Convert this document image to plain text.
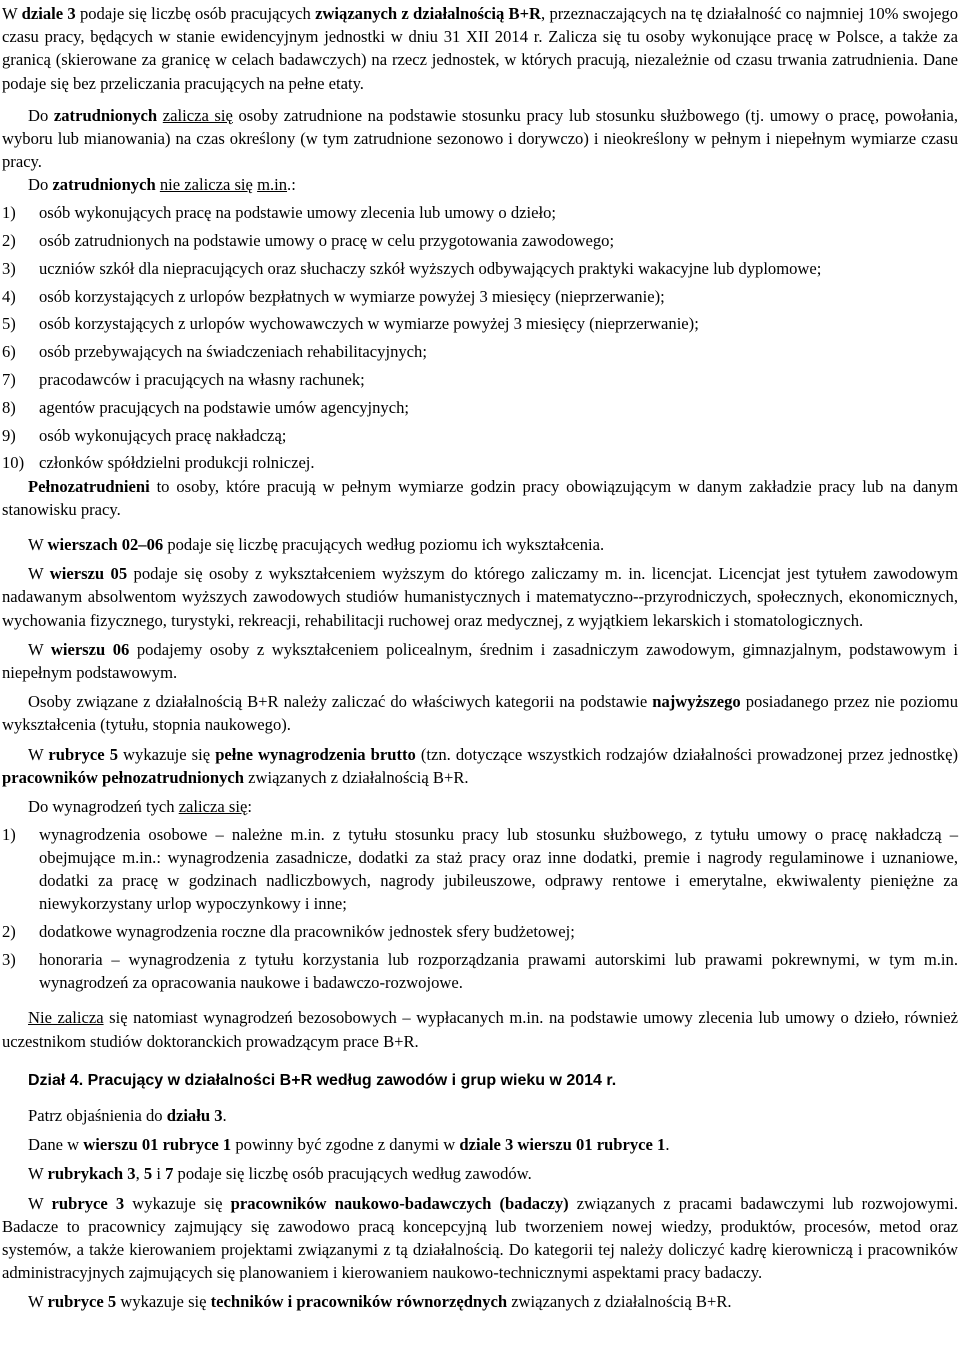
W dziale 3 podaje się liczbę osób pracujących związanych z działalnością B+R, przeznaczających na tę działalność co najmniej 10% swojego czasu pracy, będących w stanie ewidencyjnym jednostki w dniu 31 XII 2014 r. Zalicza się tu osoby wykonujące pracę w Polsce, a także za granicą (skierowane za granicę w celach badawczych) na rzecz jednostek, w których pracują, niezależnie od czasu trwania zatrudnienia. Dane podaje się bez przeliczania pracujących na pełne etaty.

Do zatrudnionych zalicza się osoby zatrudnione na podstawie stosunku pracy lub stosunku służbowego (tj. umowy o pracę, powołania, wyboru lub mianowania) na czas określony (w tym zatrudnione sezonowo i dorywczo) i nieokreślony w pełnym i niepełnym wymiarze czasu pracy.

Do zatrudnionych nie zalicza się m.in.:

1) osób wykonujących pracę na podstawie umowy zlecenia lub umowy o dzieło;
2) osób zatrudnionych na podstawie umowy o pracę w celu przygotowania zawodowego;
3) uczniów szkół dla niepracujących oraz słuchaczy szkół wyższych odbywających praktyki wakacyjne lub dyplomowe;
4) osób korzystających z urlopów bezpłatnych w wymiarze powyżej 3 miesięcy (nieprzerwanie);
5) osób korzystających z urlopów wychowawczych w wymiarze powyżej 3 miesięcy (nieprzerwanie);
6) osób przebywających na świadczeniach rehabilitacyjnych;
7) pracodawców i pracujących na własny rachunek;
8) agentów pracujących na podstawie umów agencyjnych;
9) osób wykonujących pracę nakładczą;
10) członków spółdzielni produkcji rolniczej.

Pełnozatrudnieni to osoby, które pracują w pełnym wymiarze godzin pracy obowiązującym w danym zakładzie pracy lub na danym stanowisku pracy.

W wierszach 02–06 podaje się liczbę pracujących według poziomu ich wykształcenia.

W wierszu 05 podaje się osoby z wykształceniem wyższym do którego zaliczamy m. in. licencjat. Licencjat jest tytułem zawodowym nadawanym absolwentom wyższych zawodowych studiów humanistycznych i matematyczno--przyrodniczych, społecznych, ekonomicznych, wychowania fizycznego, turystyki, rekreacji, rehabilitacji ruchowej oraz medycznej, z wyjątkiem lekarskich i stomatologicznych.

W wierszu 06 podajemy osoby z wykształceniem policealnym, średnim i zasadniczym zawodowym, gimnazjalnym, podstawowym i niepełnym podstawowym.

Osoby związane z działalnością B+R należy zaliczać do właściwych kategorii na podstawie najwyższego posiadanego przez nie poziomu wykształcenia (tytułu, stopnia naukowego).

W rubryce 5 wykazuje się pełne wynagrodzenia brutto (tzn. dotyczące wszystkich rodzajów działalności prowadzonej przez jednostkę) pracowników pełnozatrudnionych związanych z działalnością B+R.

Do wynagrodzeń tych zalicza się:

1) wynagrodzenia osobowe – należne m.in. z tytułu stosunku pracy lub stosunku służbowego, z tytułu umowy o pracę nakładczą – obejmujące m.in.: wynagrodzenia zasadnicze, dodatki za staż pracy oraz inne dodatki, premie i nagrody regulaminowe i uznaniowe, dodatki za pracę w godzinach nadliczbowych, nagrody jubileuszowe, odprawy rentowe i emerytalne, ekwiwalenty pieniężne za niewykorzystany urlop wypoczynkowy i inne;
2) dodatkowe wynagrodzenia roczne dla pracowników jednostek sfery budżetowej;
3) honoraria – wynagrodzenia z tytułu korzystania lub rozporządzania prawami autorskimi lub prawami pokrewnymi, w tym m.in. wynagrodzeń za opracowania naukowe i badawczo-rozwojowe.

Nie zalicza się natomiast wynagrodzeń bezosobowych – wypłacanych m.in. na podstawie umowy zlecenia lub umowy o dzieło, również uczestnikom studiów doktoranckich prowadzącym prace B+R.

Dział 4. Pracujący w działalności B+R według zawodów i grup wieku w 2014 r.

Patrz objaśnienia do działu 3.

Dane w wierszu 01 rubryce 1 powinny być zgodne z danymi w dziale 3 wierszu 01 rubryce 1.

W rubrykach 3, 5 i 7 podaje się liczbę osób pracujących według zawodów.

W rubryce 3 wykazuje się pracowników naukowo-badawczych (badaczy) związanych z pracami badawczymi lub rozwojowymi. Badacze to pracownicy zajmujący się zawodowo pracą koncepcyjną lub tworzeniem nowej wiedzy, produktów, procesów, metod oraz systemów, a także kierowaniem projektami związanymi z tą działalnością. Do kategorii tej należy doliczyć kadrę kierowniczą i pracowników administracyjnych zajmujących się planowaniem i kierowaniem naukowo-technicznymi aspektami pracy badaczy.

W rubryce 5 wykazuje się techników i pracowników równorzędnych związanych z działalnością B+R.
